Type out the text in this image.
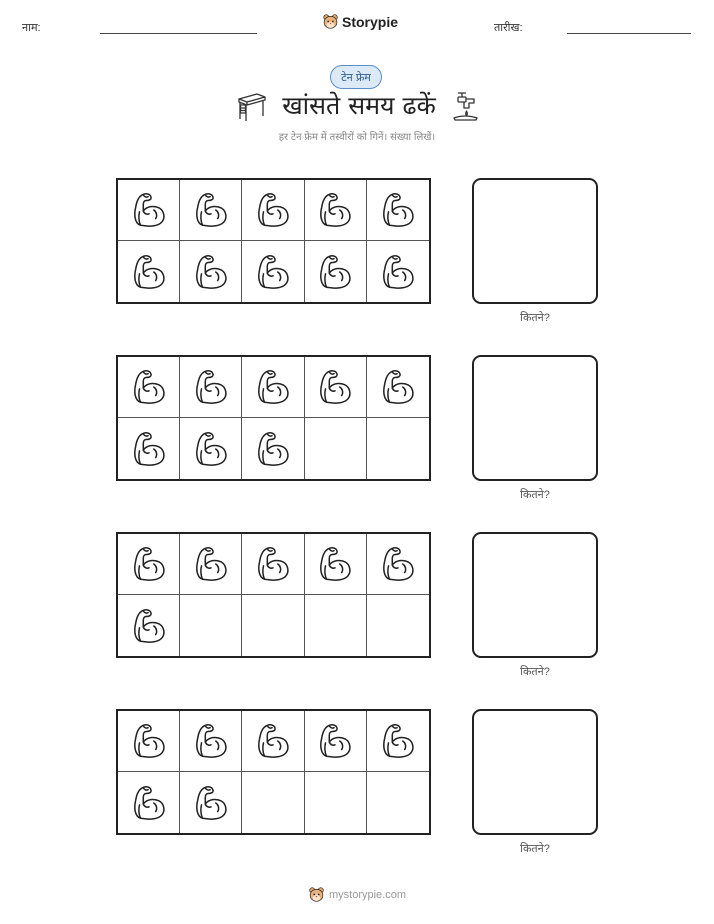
नाम:	Storypie	तारीख:
टेन फ्रेम
खांसते समय ढकें
हर टेन फ्रेम में तस्वीरों को गिनें। संख्या लिखें।
कितने?
कितने?
कितने?
कितने?
mystorypie.com
